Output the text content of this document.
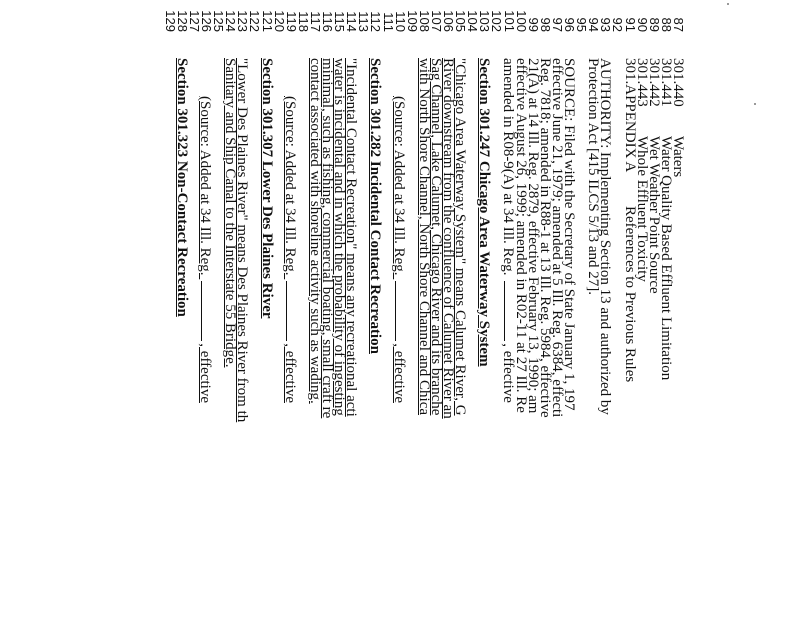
87
301.440Waters
88
301.441Water Quality Based Effluent Limitation
89
301.442Wet Weather Point Source
90
301.443Whole Effluent Toxicity
91
301.APPENDIX AReferences to Previous Rules
92
93
AUTHORITY: Implementing Section 13 and authorized by
94
Protection Act [415 ILCS 5/13 and 27].
95
96
SOURCE: Filed with the Secretary of State January 1, 197
97
effective June 21, 1979; amended at 5 Ill. Reg. 6384, effecti
98
Reg. 7818; amended in R88-1 at 13 Ill. Reg. 5984, effective
99
21(A) at 14 Ill. Reg. 2879, effective February 13, 1990; am
100
effective August 26, 1999; amended in R02-11 at 27 Ill. Re
101
amended in R08-9(A) at 34 Ill. Reg. , effective
102
103
Section 301.247 Chicago Area Waterway System
104
105
"Chicago Area Waterway System" means Calumet River, G
106
River downstream from the confluence of Calumet River an
107
Sag Channel, Lake Calumet, Chicago River and its branche
108
with North Shore Channel, North Shore Channel and Chica
109
110
(Source: Added at 34 Ill. Reg. , effective
111
112
Section 301.282 Incidental Contact Recreation
113
114
"Incidental Contact Recreation" means any recreational acti
115
water is incidental and in which the probability of ingesting
116
minimal, such as fishing, commercial boating, small craft re
117
contact associated with shoreline activity such as wading.
118
119
(Source: Added at 34 Ill. Reg. , effective
120
121
Section 301.307 Lower Des Plaines River
122
123
"Lower Des Plaines River" means Des Plaines River from th
124
Sanitary and Ship Canal to the Interstate 55 Bridge.
125
126
(Source: Added at 34 Ill. Reg. , effective
127
128
Section 301.323 Non-Contact Recreation
129
